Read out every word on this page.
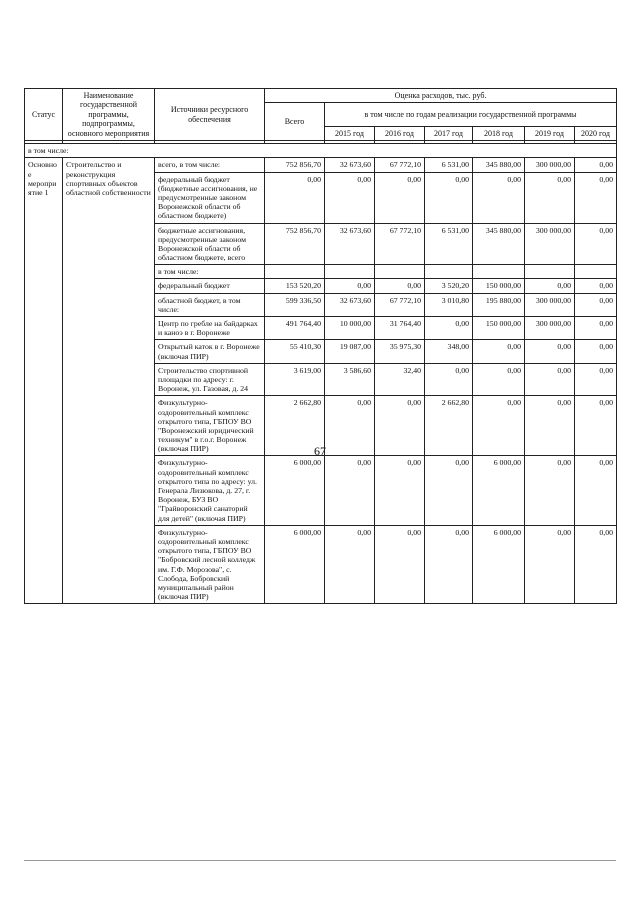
67
Статус	Наименование государственной программы, подпрограммы, основного мероприятия	Источники ресурсного обеспечения	Оценка расходов, тыс. руб.						
			Всего	в том числе по годам реализации государственной программы					
				2015 год	2016 год	2017 год	2018 год	2019 год	2020 год

в том числе:									
Основное мероприятие 1	Строительство и реконструкция спортивных объектов областной собственности	всего, в том числе:	752 856,70	32 673,60	67 772,10	6 531,00	345 880,00	300 000,00	0,00
		федеральный бюджет (бюджетные ассигнования, не предусмотренные законом Воронежской области об областном бюджете)	0,00	0,00	0,00	0,00	0,00	0,00	0,00
		бюджетные ассигнования, предусмотренные законом Воронежской области об областном бюджете, всего	752 856,70	32 673,60	67 772,10	6 531,00	345 880,00	300 000,00	0,00
		в том числе:							
		федеральный бюджет	153 520,20	0,00	0,00	3 520,20	150 000,00	0,00	0,00
		областной бюджет, в том числе:	599 336,50	32 673,60	67 772,10	3 010,80	195 880,00	300 000,00	0,00
		Центр по гребле на байдарках и каноэ в г. Воронеже	491 764,40	10 000,00	31 764,40	0,00	150 000,00	300 000,00	0,00
		Открытый каток в г. Воронеже (включая ПИР)	55 410,30	19 087,00	35 975,30	348,00	0,00	0,00	0,00
		Строительство спортивной площадки по адресу: г. Воронеж, ул. Газовая, д. 24	3 619,00	3 586,60	32,40	0,00	0,00	0,00	0,00
		Физкультурно-оздоровительный комплекс открытого типа, ГБПОУ ВО "Воронежский юридический техникум" в г.о.г. Воронеж (включая ПИР)	2 662,80	0,00	0,00	2 662,80	0,00	0,00	0,00
		Физкультурно-оздоровительный комплекс открытого типа по адресу: ул. Генерала Лизюкова, д. 27, г. Воронеж, БУЗ ВО "Грайворонский санаторий для детей" (включая ПИР)	6 000,00	0,00	0,00	0,00	6 000,00	0,00	0,00
		Физкультурно-оздоровительный комплекс открытого типа, ГБПОУ ВО "Бобровский лесной колледж им. Г.Ф. Морозова", с. Слобода, Бобровский муниципальный район (включая ПИР)	6 000,00	0,00	0,00	0,00	6 000,00	0,00	0,00
